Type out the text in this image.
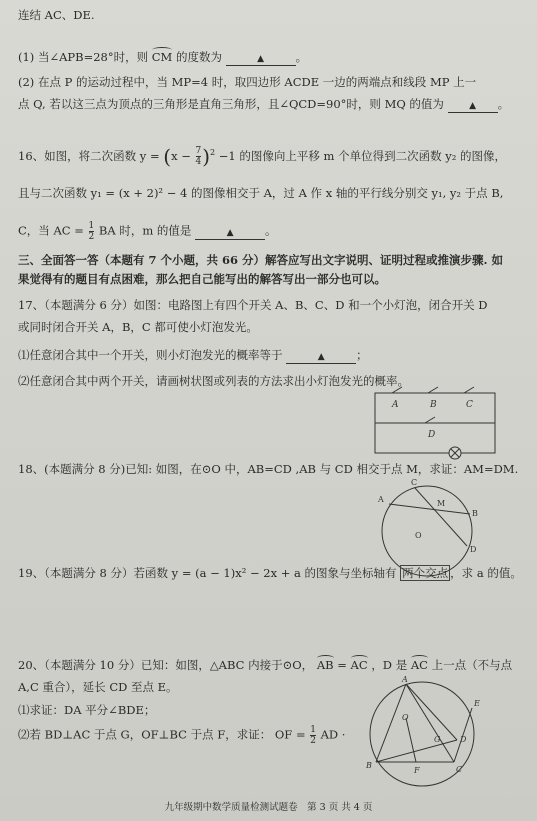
连结 AC、DE.
(1) 当∠APB=28°时，则 CM 的度数为	▲	。
(2) 在点 P 的运动过程中，当 MP=4 时，取四边形 ACDE 一边的两端点和线段 MP 上一
点 Q, 若以这三点为顶点的三角形是直角三角形，且∠QCD=90°时，则 MQ 的值为	▲ 。
16、如图，将二次函数 $y = (x - \frac{7}{4} )^2 -1$ 的图像向上平移 m 个单位得到二次函数 y₂ 的图像，
且与二次函数 y₁ = (x + 2)² − 4 的图像相交于 A，过 A 作 x 轴的平行线分别交 y₁, y₂ 于点 B,
C，当 AC = $\frac{1}{2}$ BA 时，m 的值是	▲	。
三、全面答一答（本题有 7 个小题，共 66 分）解答应写出文字说明、证明过程或推演步骤. 如
果觉得有的题目有点困难，那么把自己能写出的解答写出一部分也可以。
17、（本题满分 6 分）如图：电路图上有四个开关 A、B、C、D 和一个小灯泡，闭合开关 D
或同时闭合开关 A，B，C 都可使小灯泡发光。
⑴任意闭合其中一个开关，则小灯泡发光的概率等于	▲	；
⑵任意闭合其中两个开关，请画树状图或列表的方法求出小灯泡发光的概率。
A	B	C
D
18、(本题满分 8 分)已知: 如图，在⊙O 中，AB=CD ,AB 与 CD 相交于点 M，求证：AM=DM.
A
C
M
B
O
D
19、（本题满分 8 分）若函数 y = (a − 1)x² − 2x + a 的图象与坐标轴有 两个交点 ，求 a 的值。
20、（本题满分 10 分）已知：如图，△ABC 内接于⊙O， AB = AC ，D 是 AC 上一点（不与点
A,C 重合），延长 CD 至点 E。
⑴求证：DA 平分∠BDE；
⑵若 BD⊥AC 于点 G，OF⊥BC 于点 F，求证： OF = $\frac{1}{2}$ AD ·
A
E
O
D
G
B
F	C
九年级期中数学质量检测试题卷　第 3 页 共 4 页
